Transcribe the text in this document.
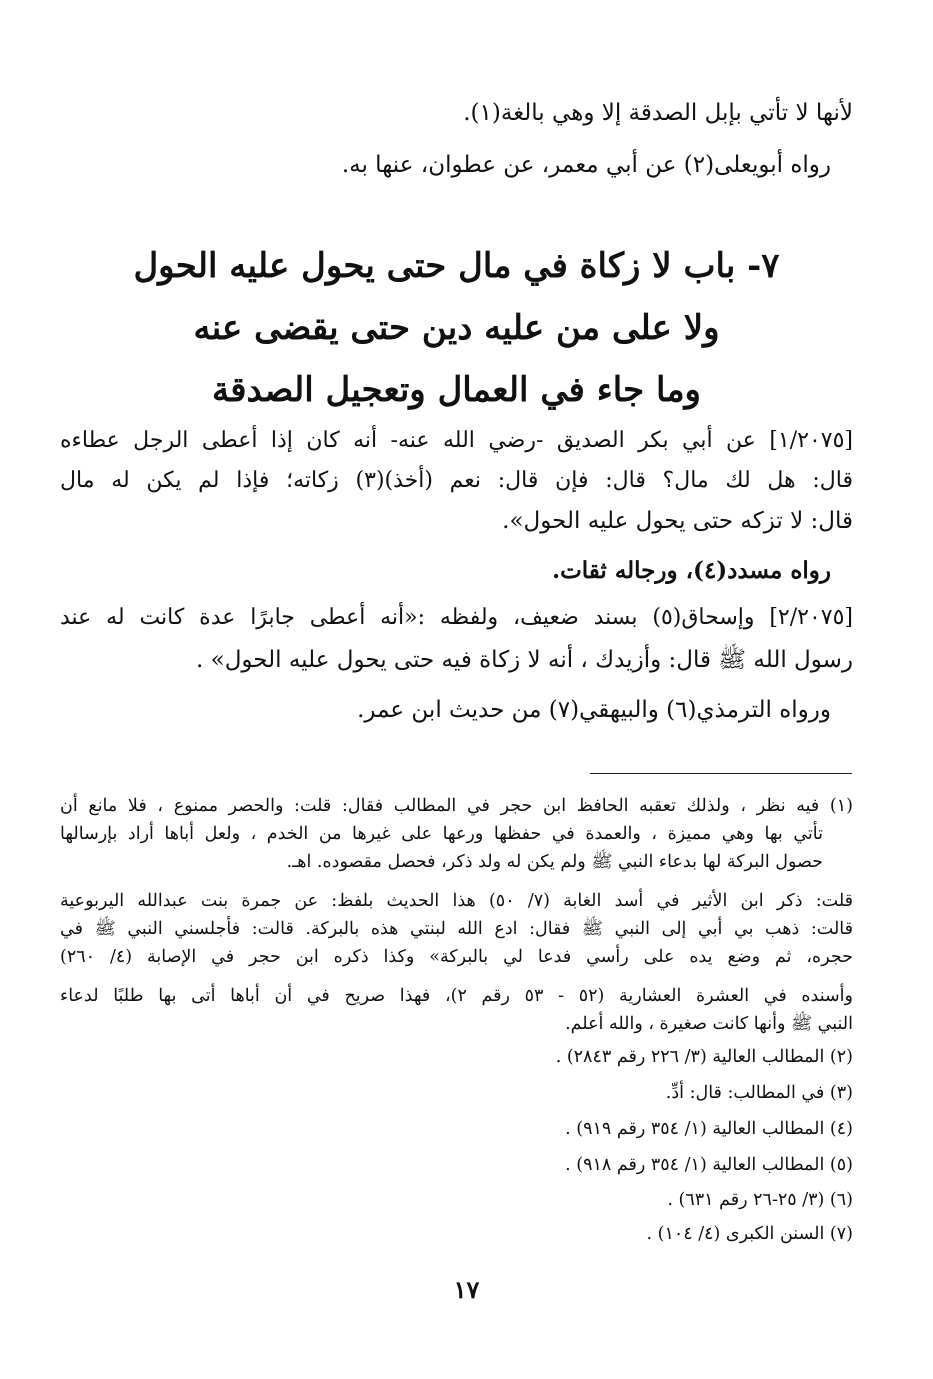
لأنها لا تأتي بإبل الصدقة إلا وهي بالغة(١).
رواه أبويعلى(٢) عن أبي معمر، عن عطوان، عنها به.
٧- باب لا زكاة في مال حتى يحول عليه الحول
ولا على من عليه دين حتى يقضى عنه
وما جاء في العمال وتعجيل الصدقة
[١/٢٠٧٥] عن أبي بكر الصديق -رضي الله عنه- أنه كان إذا أعطى الرجل عطاءه
قال: هل لك مال؟ قال: فإن قال: نعم (أخذ)(٣) زكاته؛ فإذا لم يكن له مال
قال: لا تزكه حتى يحول عليه الحول».
رواه مسدد(٤)، ورجاله ثقات.
[٢/٢٠٧٥] وإسحاق(٥) بسند ضعيف، ولفظه :«أنه أعطى جابرًا عدة كانت له عند
رسول الله ﷺ قال: وأزيدك ، أنه لا زكاة فيه حتى يحول عليه الحول» .
ورواه الترمذي(٦) والبيهقي(٧) من حديث ابن عمر.
(١) فيه نظر ، ولذلك تعقبه الحافظ ابن حجر في المطالب فقال: قلت: والحصر ممنوع ، فلا مانع أن
تأتي بها وهي مميزة ، والعمدة في حفظها ورعها على غيرها من الخدم ، ولعل أباها أراد بإرسالها
حصول البركة لها بدعاء النبي ﷺ ولم يكن له ولد ذكر، فحصل مقصوده. اهـ.
قلت: ذكر ابن الأثير في أسد الغابة (٧/ ٥٠) هذا الحديث بلفظ: عن جمرة بنت عبدالله اليربوعية
قالت: ذهب بي أبي إلى النبي ﷺ فقال: ادع الله لبنتي هذه بالبركة. قالت: فأجلسني النبي ﷺ في
حجره، ثم وضع يده على رأسي فدعا لي بالبركة» وكذا ذكره ابن حجر في الإصابة (٤/ ٢٦٠)
وأسنده في العشرة العشارية (٥٢ - ٥٣ رقم ٢)، فهذا صريح في أن أباها أتى بها طلبًا لدعاء
النبي ﷺ وأنها كانت صغيرة ، والله أعلم.
(٢) المطالب العالية (٣/ ٢٢٦ رقم ٢٨٤٣) .
(٣) في المطالب: قال: أدِّ.
(٤) المطالب العالية (١/ ٣٥٤ رقم ٩١٩) .
(٥) المطالب العالية (١/ ٣٥٤ رقم ٩١٨) .
(٦) (٣/ ٢٥-٢٦ رقم ٦٣١) .
(٧) السنن الكبرى (٤/ ١٠٤) .
١٧
